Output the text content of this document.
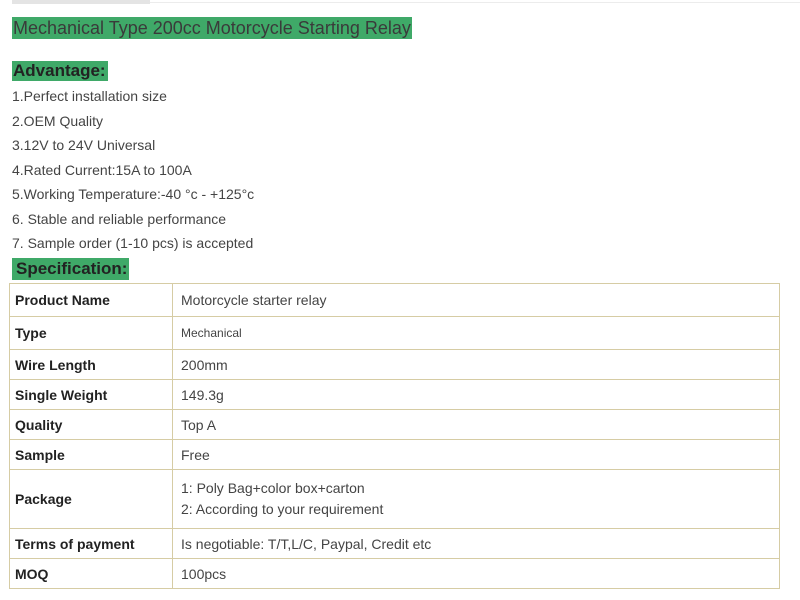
Mechanical Type 200cc Motorcycle Starting Relay
Advantage:
1.Perfect installation size
2.OEM Quality
3.12V to 24V Universal
4.Rated Current:15A to 100A
5.Working Temperature:-40 °c - +125°c
6. Stable and reliable performance
7. Sample order (1-10 pcs) is accepted
Specification:
Product Name	Motorcycle starter relay
Type	Mechanical
Wire Length	200mm
Single Weight	149.3g
Quality	Top A
Sample	Free
Package	1: Poly Bag+color box+carton
2: According to your requirement

Terms of payment	Is negotiable: T/T,L/C, Paypal, Credit etc
MOQ	100pcs
